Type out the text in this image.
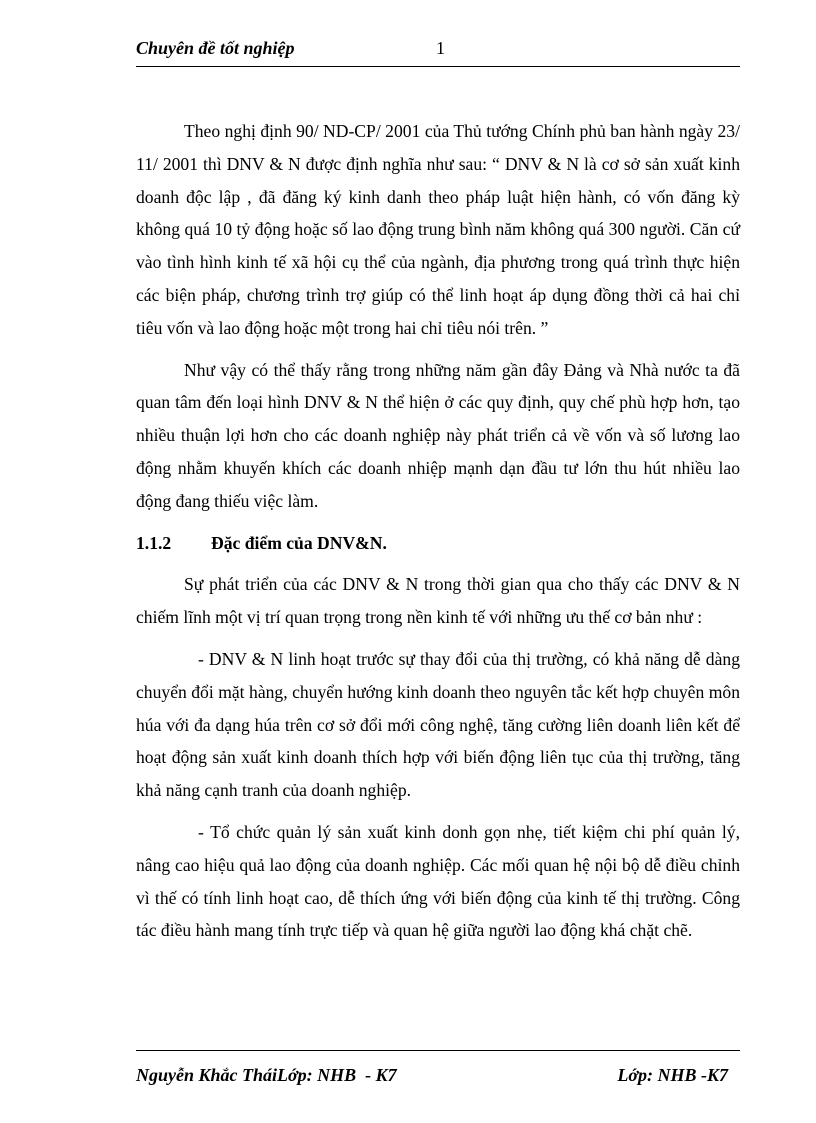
Chuyên đề tốt nghiệp	1

Theo nghị định 90/ ND-CP/ 2001 của Thủ tướng Chính phủ ban hành ngày 23/ 11/ 2001 thì DNV & N được định nghĩa như sau: “ DNV & N là cơ sở sản xuất kinh doanh độc lập , đã đăng ký kinh danh theo pháp luật hiện hành, có vốn đăng kỳ không quá 10 tỷ động hoặc số lao động trung bình năm không quá 300 người. Căn cứ vào tình hình kinh tế xã hội cụ thể của ngành, địa phương trong quá trình thực hiện các biện pháp, chương trình trợ giúp có thể linh hoạt áp dụng đồng thời cả hai chỉ tiêu vốn và lao động hoặc một trong hai chỉ tiêu nói trên. ”

Như vậy có thể thấy rằng trong những năm gần đây Đảng và Nhà nước ta đã quan tâm đến loại hình DNV & N thể hiện ở các quy định, quy chế phù hợp hơn, tạo nhiều thuận lợi hơn cho các doanh nghiệp này phát triển cả về vốn và số lương lao động nhằm khuyến khích các doanh nhiệp mạnh dạn đầu tư lớn thu hút nhiều lao động đang thiếu việc làm.

1.1.2	Đặc điểm của DNV&N.

Sự phát triển của các DNV & N trong thời gian qua cho thấy các DNV & N chiếm lĩnh một vị trí quan trọng trong nền kinh tế với những ưu thế cơ bản như :

- DNV & N linh hoạt trước sự thay đổi của thị trường, có khả năng dễ dàng chuyển đổi mặt hàng, chuyển hướng kinh doanh theo nguyên tắc kết hợp chuyên môn húa với đa dạng húa trên cơ sở đổi mới công nghệ, tăng cường liên doanh liên kết để hoạt động sản xuất kinh doanh thích hợp với biến động liên tục của thị trường, tăng khả năng cạnh tranh của doanh nghiệp.

- Tổ chức quản lý sản xuất kinh donh gọn nhẹ, tiết kiệm chi phí quản lý, nâng cao hiệu quả lao động của doanh nghiệp. Các mối quan hệ nội bộ dễ điều chỉnh vì thế có tính linh hoạt cao, dễ thích ứng với biến động của kinh tế thị trường. Công tác điều hành mang tính trực tiếp và quan hệ giữa người lao động khá chặt chẽ.

Nguyễn Khắc TháiLớp: NHB  - K7	Lớp: NHB -K7
